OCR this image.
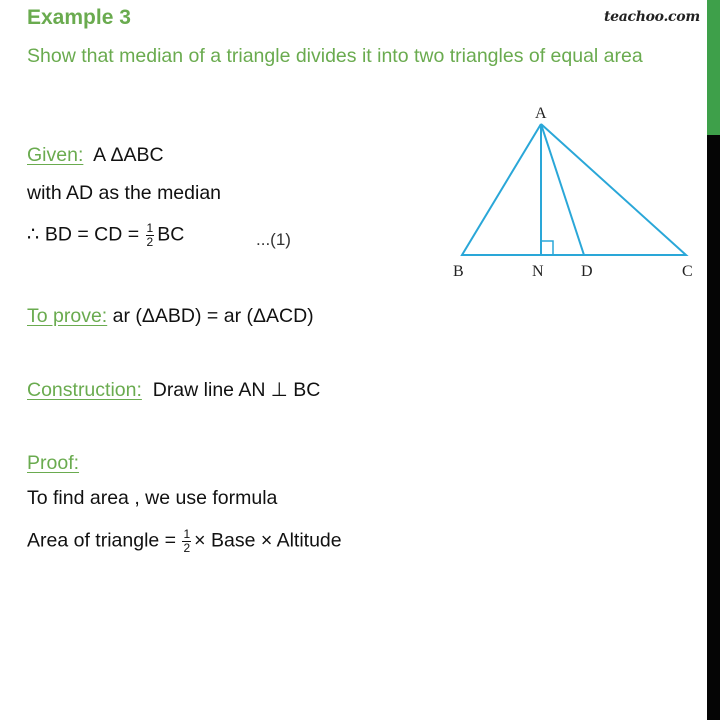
Example 3	teachoo.com
Show that median of a triangle divides it into two triangles of equal area
Given: A ΔABC
with AD as the median
∴ BD = CD = $\frac{1}{2}$ BC	...(1)
To prove: ar (ΔABD) = ar (ΔACD)
Construction: Draw line AN ⊥ BC
Proof:
To find area , we use formula
Area of triangle = $\frac{1}{2}$ × Base × Altitude
A
B	N D	C
